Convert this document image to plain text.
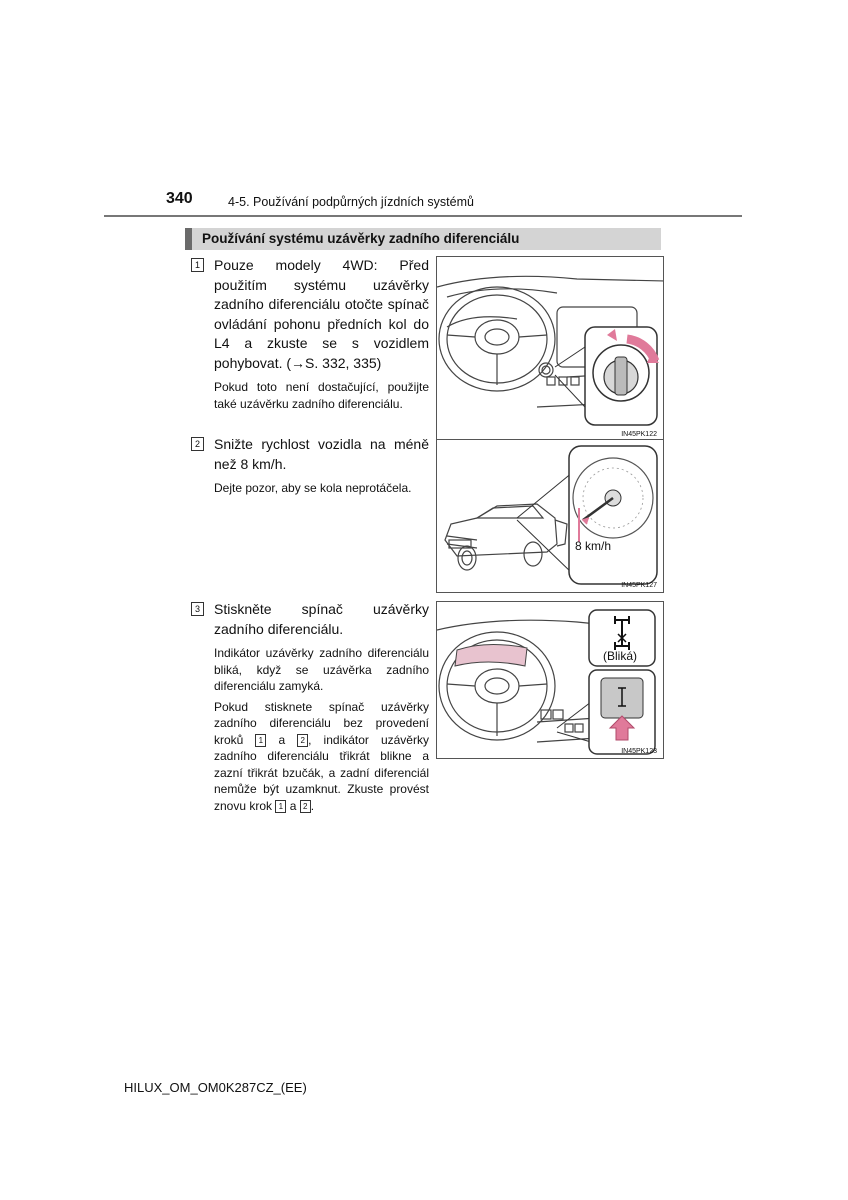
340	4-5. Používání podpůrných jízdních systémů
Používání systému uzávěrky zadního diferenciálu
1 Pouze modely 4WD: Před použitím systému uzávěrky zadního diferenciálu otočte spínač ovládání pohonu předních kol do L4 a zkuste se s vozidlem pohybovat. (→S. 332, 335)
Pokud toto není dostačující, použijte také uzávěrku zadního diferenciálu.
IN45PK122
2 Snižte rychlost vozidla na méně než 8 km/h.
Dejte pozor, aby se kola neprotáčela.
8 km/h
IN45PK127
3 Stiskněte spínač uzávěrky zadního diferenciálu.
Indikátor uzávěrky zadního diferenciálu bliká, když se uzávěrka zadního diferenciálu zamyká.
Pokud stisknete spínač uzávěrky zadního diferenciálu bez provedení kroků 1 a 2 , indikátor uzávěrky zadního diferenciálu třikrát blikne a zazní třikrát bzučák, a zadní diferenciál nemůže být uzamknut. Zkuste provést znovu krok 1 a 2 .
(Bliká)
IN45PK123
HILUX_OM_OM0K287CZ_(EE)
